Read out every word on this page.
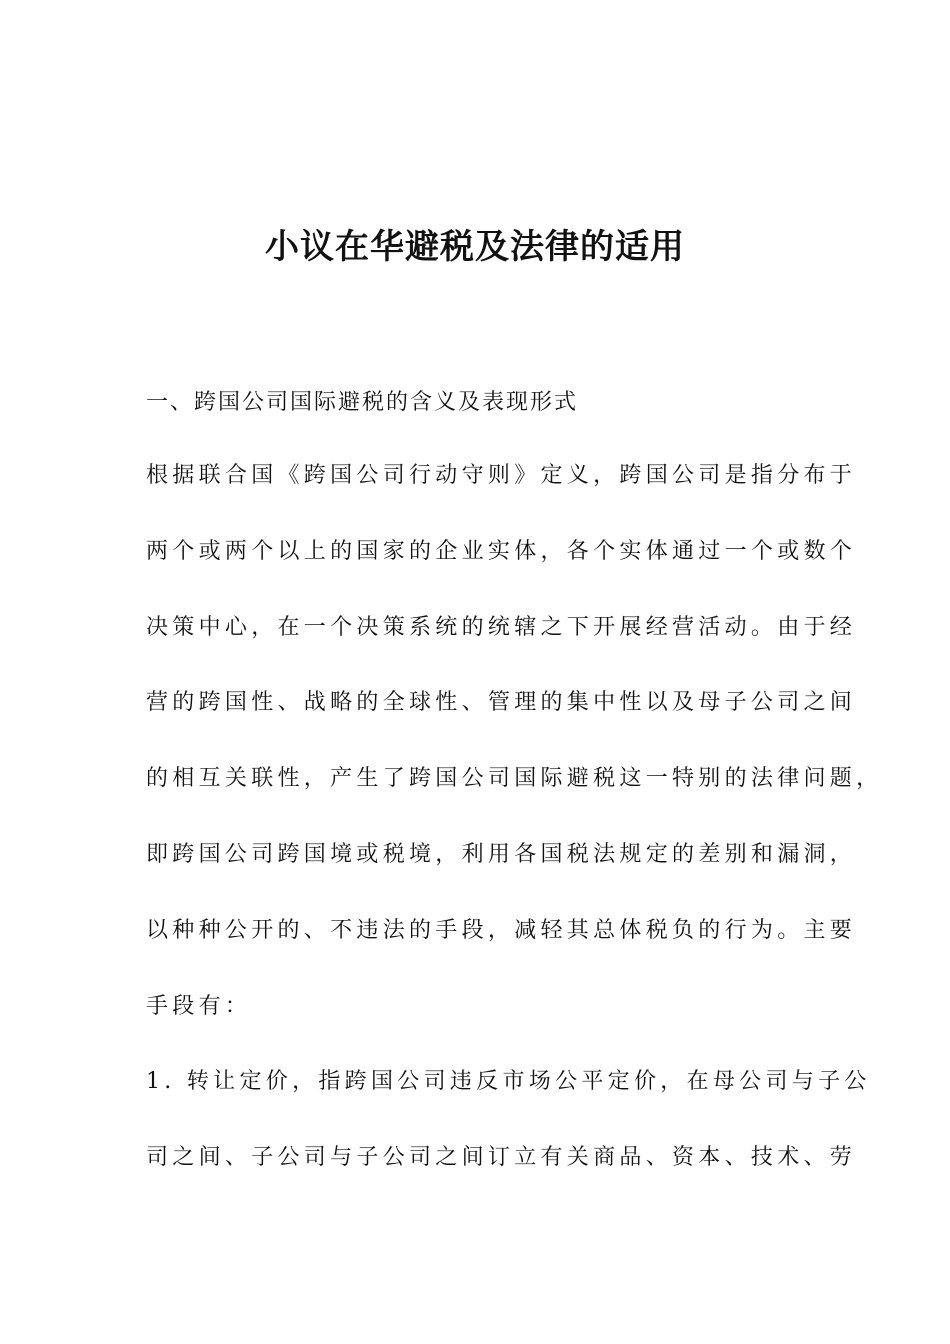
小议在华避税及法律的适用

一、跨国公司国际避税的含义及表现形式

根据联合国《跨国公司行动守则》定义，跨国公司是指分布于
两个或两个以上的国家的企业实体，各个实体通过一个或数个
决策中心，在一个决策系统的统辖之下开展经营活动。由于经
营的跨国性、战略的全球性、管理的集中性以及母子公司之间
的相互关联性，产生了跨国公司国际避税这一特别的法律问题，
即跨国公司跨国境或税境，利用各国税法规定的差别和漏洞，
以种种公开的、不违法的手段，减轻其总体税负的行为。主要
手段有：
1. 转让定价，指跨国公司违反市场公平定价，在母公司与子公
司之间、子公司与子公司之间订立有关商品、资本、技术、劳
